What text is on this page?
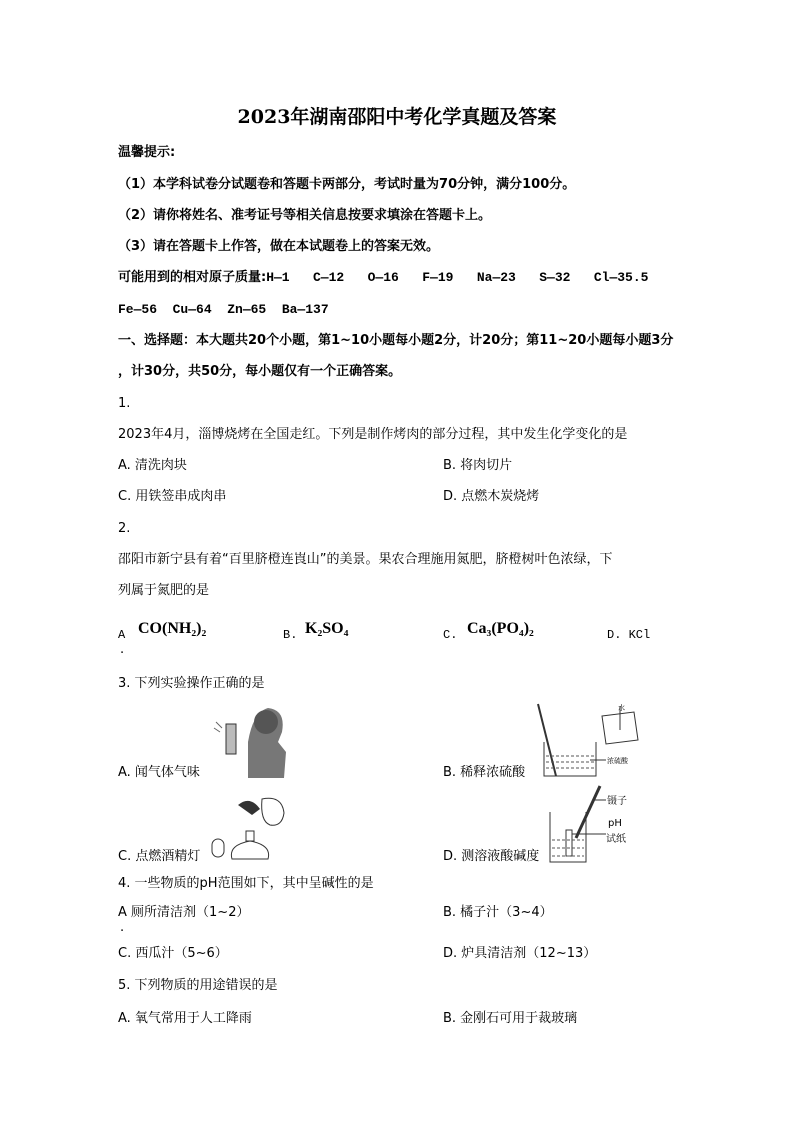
2023年湖南邵阳中考化学真题及答案
温馨提示:
（1）本学科试卷分试题卷和答题卡两部分，考试时量为70分钟，满分100分。
（2）请你将姓名、准考证号等相关信息按要求填涂在答题卡上。
（3）请在答题卡上作答，做在本试题卷上的答案无效。
可能用到的相对原子质量:H—1   C—12   O—16   F—19   Na—23   S—32   Cl—35.5
Fe—56  Cu—64  Zn—65  Ba—137
一、选择题：本大题共20个小题，第1~10小题每小题2分，计20分；第11~20小题每小题3分
，计30分，共50分，每小题仅有一个正确答案。
1.
2023年4月，淄博烧烤在全国走红。下列是制作烤肉的部分过程，其中发生化学变化的是
A. 清洗肉块	B. 将肉切片
C. 用铁签串成肉串	D. 点燃木炭烧烤
2.
邵阳市新宁县有着“百里脐橙连崀山”的美景。果农合理施用氮肥，脐橙树叶色浓绿，下
列属于氮肥的是
A
.
CO(NH₂)₂	B. K₂SO₄	C. Ca₃(PO₄)₂	D. KCl
3. 下列实验操作正确的是
A. 闻气体气味	B. 稀释浓硫酸
水
浓硫酸
C. 点燃酒精灯	D. 测溶液酸碱度
镊子
pH
试纸
4. 一些物质的pH范围如下，其中呈碱性的是
A 厕所清洁剂（1~2）
.
B. 橘子汁（3~4）
C. 西瓜汁（5~6）	D. 炉具清洁剂（12~13）
5. 下列物质的用途错误的是
A. 氧气常用于人工降雨	B. 金刚石可用于裁玻璃
